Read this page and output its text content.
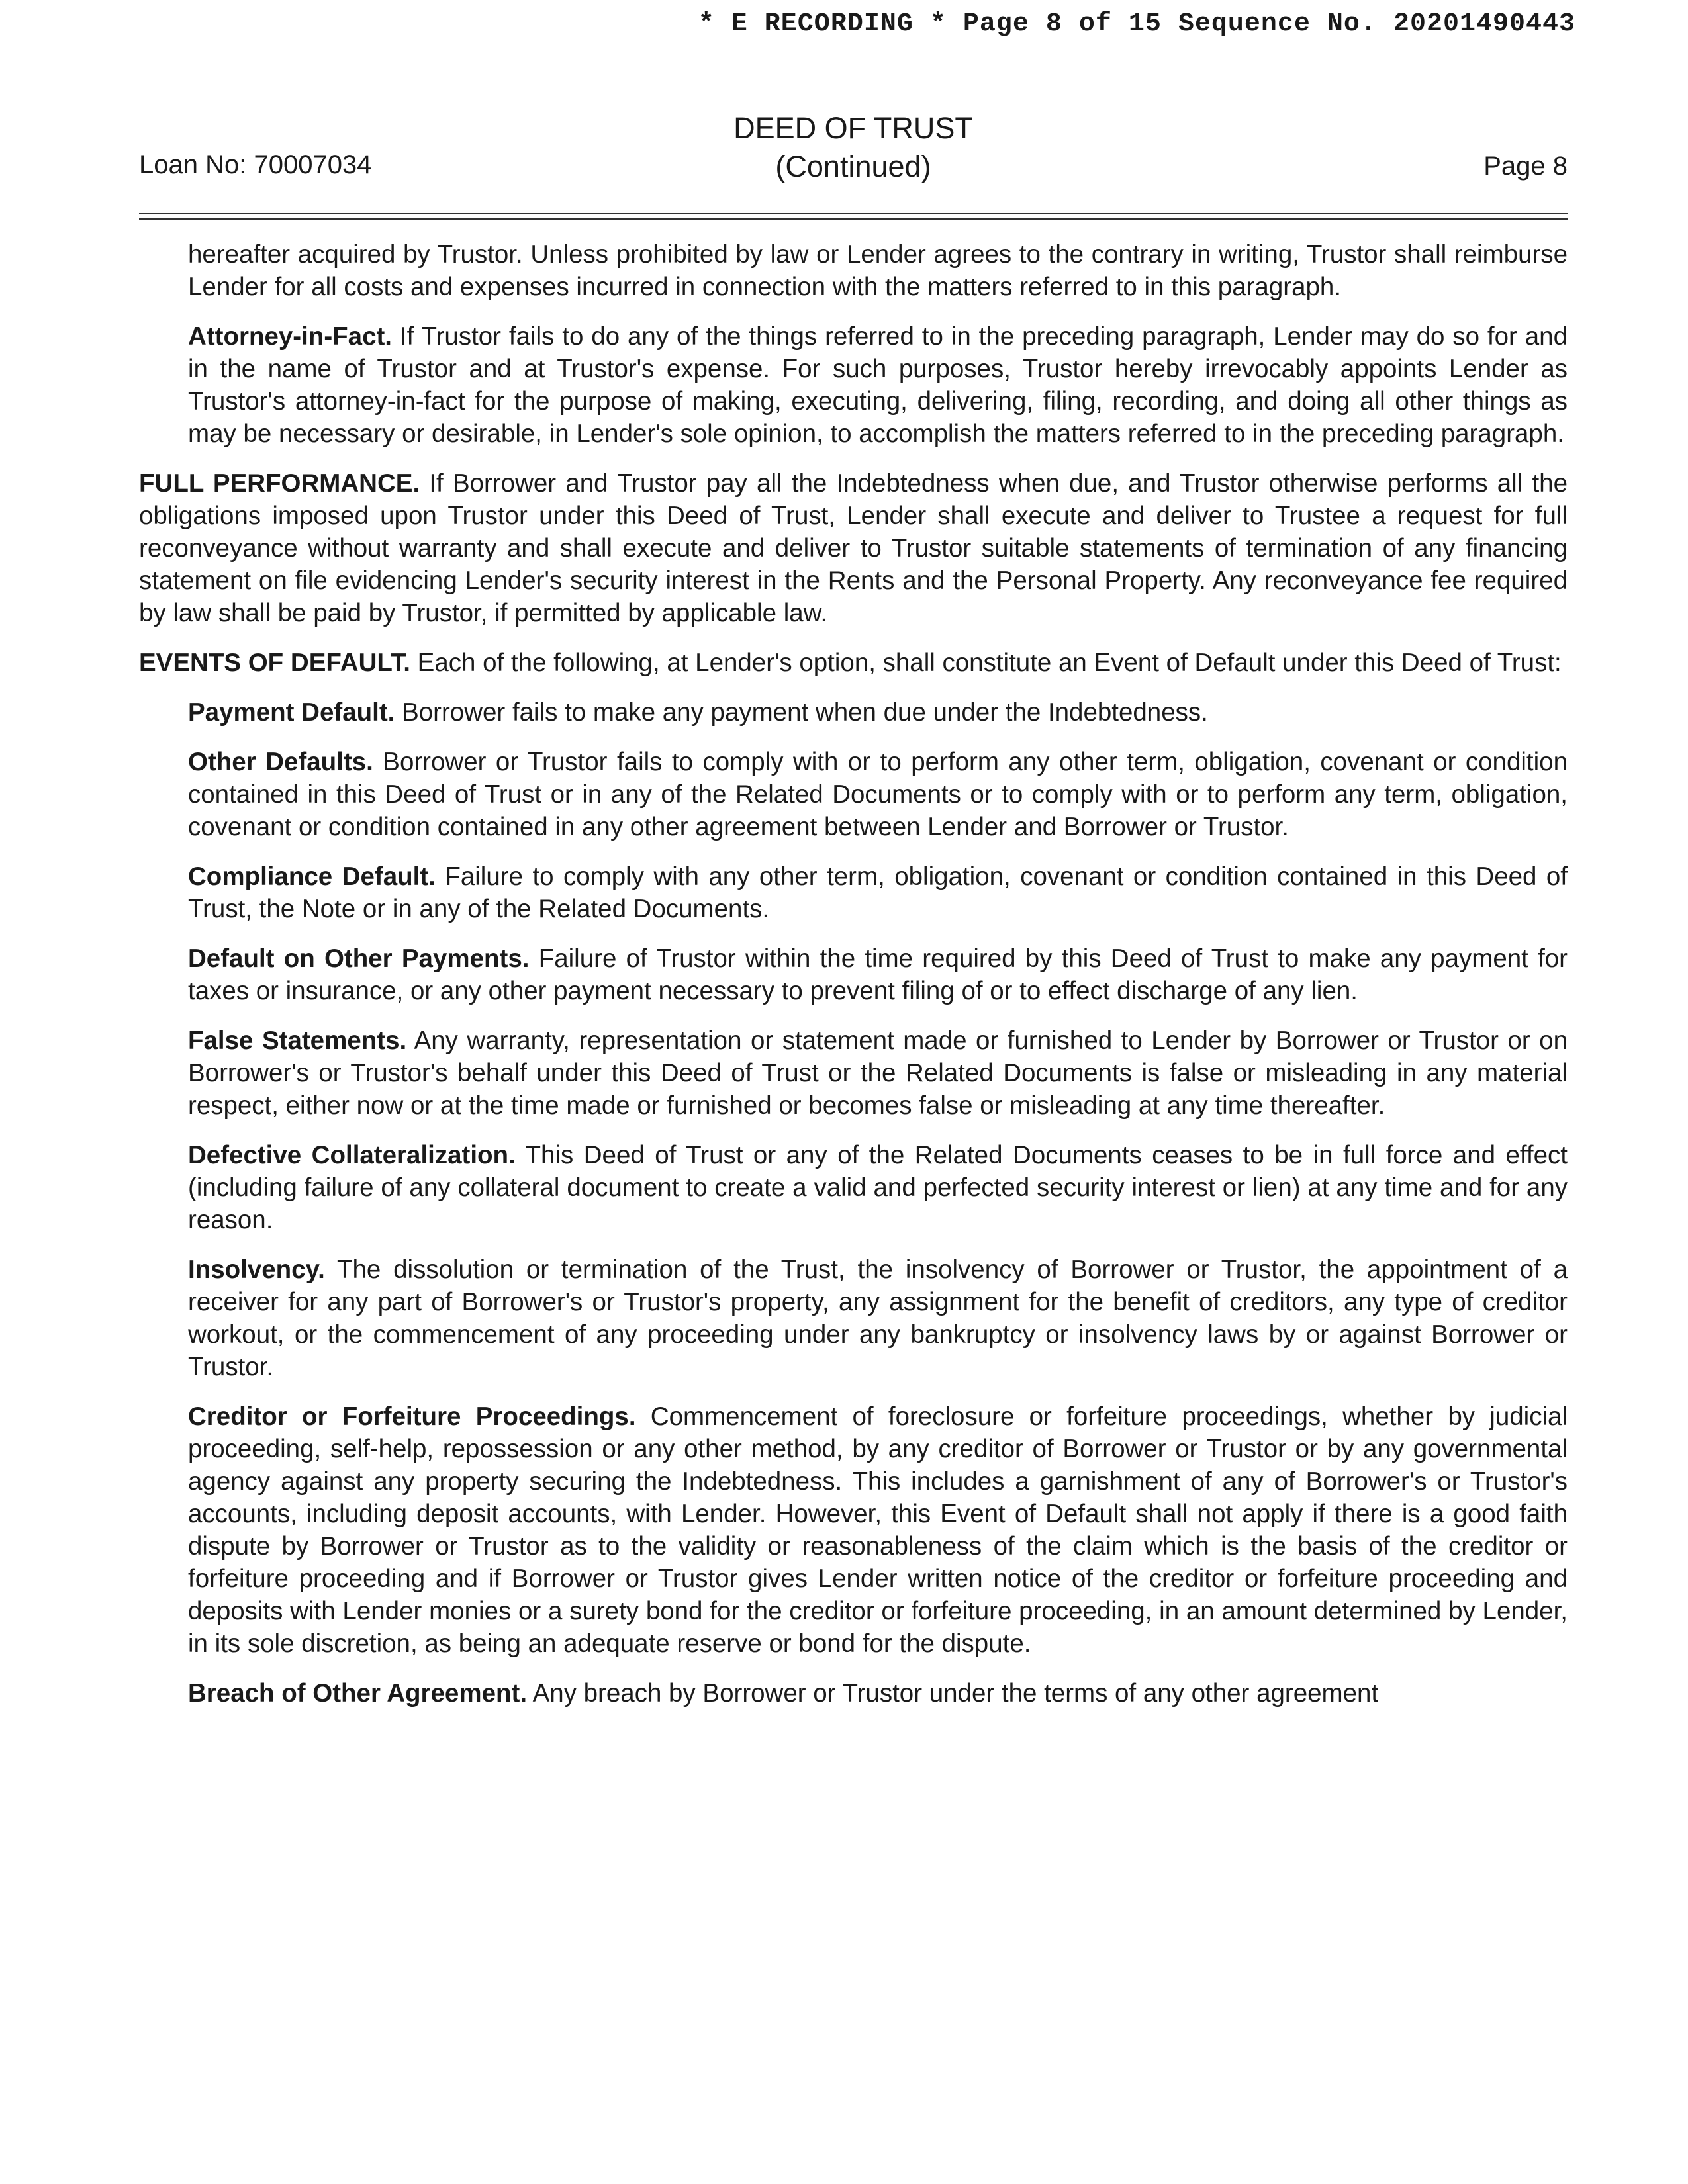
* E RECORDING * Page 8 of 15 Sequence No. 20201490443
Loan No: 70007034
DEED OF TRUST
(Continued)	Page 8

hereafter acquired by Trustor. Unless prohibited by law or Lender agrees to the contrary in writing, Trustor shall reimburse Lender for all costs and expenses incurred in connection with the matters referred to in this paragraph.

Attorney-in-Fact. If Trustor fails to do any of the things referred to in the preceding paragraph, Lender may do so for and in the name of Trustor and at Trustor's expense. For such purposes, Trustor hereby irrevocably appoints Lender as Trustor's attorney-in-fact for the purpose of making, executing, delivering, filing, recording, and doing all other things as may be necessary or desirable, in Lender's sole opinion, to accomplish the matters referred to in the preceding paragraph.

FULL PERFORMANCE. If Borrower and Trustor pay all the Indebtedness when due, and Trustor otherwise performs all the obligations imposed upon Trustor under this Deed of Trust, Lender shall execute and deliver to Trustee a request for full reconveyance without warranty and shall execute and deliver to Trustor suitable statements of termination of any financing statement on file evidencing Lender's security interest in the Rents and the Personal Property. Any reconveyance fee required by law shall be paid by Trustor, if permitted by applicable law.

EVENTS OF DEFAULT. Each of the following, at Lender's option, shall constitute an Event of Default under this Deed of Trust:

Payment Default. Borrower fails to make any payment when due under the Indebtedness.

Other Defaults. Borrower or Trustor fails to comply with or to perform any other term, obligation, covenant or condition contained in this Deed of Trust or in any of the Related Documents or to comply with or to perform any term, obligation, covenant or condition contained in any other agreement between Lender and Borrower or Trustor.

Compliance Default. Failure to comply with any other term, obligation, covenant or condition contained in this Deed of Trust, the Note or in any of the Related Documents.

Default on Other Payments. Failure of Trustor within the time required by this Deed of Trust to make any payment for taxes or insurance, or any other payment necessary to prevent filing of or to effect discharge of any lien.

False Statements. Any warranty, representation or statement made or furnished to Lender by Borrower or Trustor or on Borrower's or Trustor's behalf under this Deed of Trust or the Related Documents is false or misleading in any material respect, either now or at the time made or furnished or becomes false or misleading at any time thereafter.

Defective Collateralization. This Deed of Trust or any of the Related Documents ceases to be in full force and effect (including failure of any collateral document to create a valid and perfected security interest or lien) at any time and for any reason.

Insolvency. The dissolution or termination of the Trust, the insolvency of Borrower or Trustor, the appointment of a receiver for any part of Borrower's or Trustor's property, any assignment for the benefit of creditors, any type of creditor workout, or the commencement of any proceeding under any bankruptcy or insolvency laws by or against Borrower or Trustor.

Creditor or Forfeiture Proceedings. Commencement of foreclosure or forfeiture proceedings, whether by judicial proceeding, self-help, repossession or any other method, by any creditor of Borrower or Trustor or by any governmental agency against any property securing the Indebtedness. This includes a garnishment of any of Borrower's or Trustor's accounts, including deposit accounts, with Lender. However, this Event of Default shall not apply if there is a good faith dispute by Borrower or Trustor as to the validity or reasonableness of the claim which is the basis of the creditor or forfeiture proceeding and if Borrower or Trustor gives Lender written notice of the creditor or forfeiture proceeding and deposits with Lender monies or a surety bond for the creditor or forfeiture proceeding, in an amount determined by Lender, in its sole discretion, as being an adequate reserve or bond for the dispute.

Breach of Other Agreement. Any breach by Borrower or Trustor under the terms of any other agreement
